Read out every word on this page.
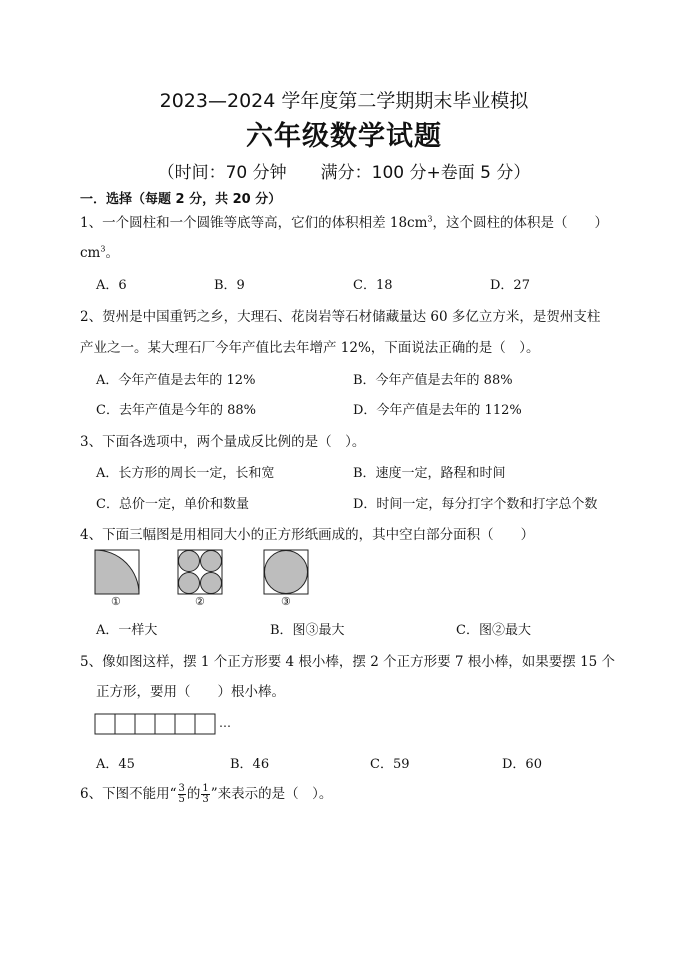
2023—2024 学年度第二学期期末毕业模拟
六年级数学试题
（时间：70 分钟　　满分：100 分+卷面 5 分）
一．选择（每题 2 分，共 20 分）
1、一个圆柱和一个圆锥等底等高，它们的体积相差 $18cm^3$，这个圆柱的体积是（　　）
$cm^3$。
A．6	B．9	C．18	D．27
2、贺州是中国重钙之乡，大理石、花岗岩等石材储藏量达 60 多亿立方米，是贺州支柱
产业之一。某大理石厂今年产值比去年增产 12%，下面说法正确的是（　）。
A．今年产值是去年的 12%	B．今年产值是去年的 88%
C．去年产值是今年的 88%	D．今年产值是去年的 112%
3、下面各选项中，两个量成反比例的是（　）。
A．长方形的周长一定，长和宽	B．速度一定，路程和时间
C．总价一定，单价和数量	D．时间一定，每分打字个数和打字总个数
4、下面三幅图是用相同大小的正方形纸画成的，其中空白部分面积（　　）
①	②	③
A．一样大	B．图③最大	C．图②最大
5、像如图这样，摆 1 个正方形要 4 根小棒，摆 2 个正方形要 7 根小棒，如果要摆 15 个
正方形，要用（　　）根小棒。
…
A．45	B．46	C．59	D．60
6、下图不能用“ $\frac{3}{5}$ 的 $\frac{1}{3}$ ”来表示的是（　）。
